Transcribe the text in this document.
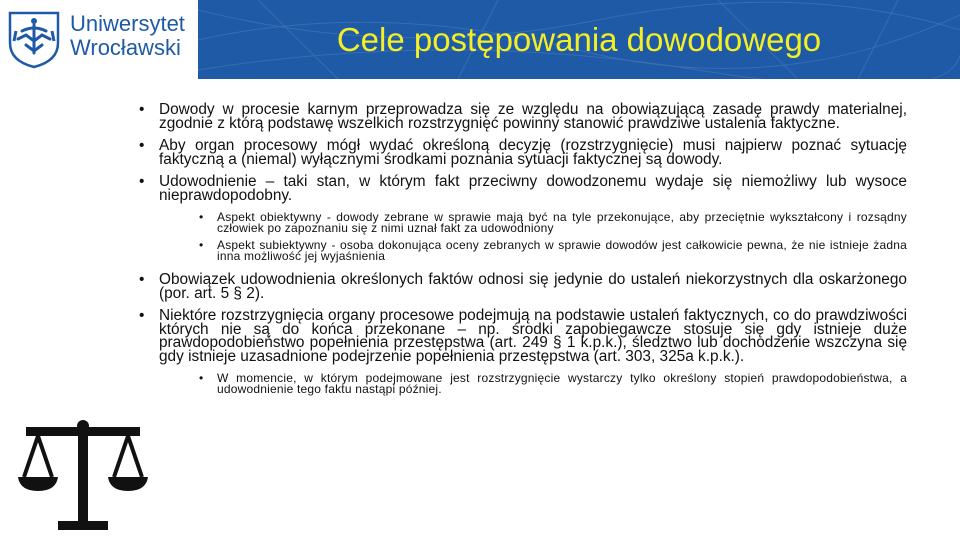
Uniwersytet
Wrocławski	Cele postępowania dowodowego
• Dowody w procesie karnym przeprowadza się ze względu na obowiązującą zasadę prawdy materialnej, zgodnie z którą podstawę wszelkich rozstrzygnięć powinny stanowić prawdziwe ustalenia faktyczne.
• Aby organ procesowy mógł wydać określoną decyzję (rozstrzygnięcie) musi najpierw poznać sytuację faktyczną a (niemal) wyłącznymi środkami poznania sytuacji faktycznej są dowody.
• Udowodnienie – taki stan, w którym fakt przeciwny dowodzonemu wydaje się niemożliwy lub wysoce nieprawdopodobny.
• Aspekt obiektywny - dowody zebrane w sprawie mają być na tyle przekonujące, aby przeciętnie wykształcony i rozsądny człowiek po zapoznaniu się z nimi uznał fakt za udowodniony
• Aspekt subiektywny - osoba dokonująca oceny zebranych w sprawie dowodów jest całkowicie pewna, że nie istnieje żadna inna możliwość jej wyjaśnienia
• Obowiązek udowodnienia określonych faktów odnosi się jedynie do ustaleń niekorzystnych dla oskarżonego (por. art. 5 § 2).
• Niektóre rozstrzygnięcia organy procesowe podejmują na podstawie ustaleń faktycznych, co do prawdziwości których nie są do końca przekonane – np. środki zapobiegawcze stosuje się gdy istnieje duże prawdopodobieństwo popełnienia przestępstwa (art. 249 § 1 k.p.k.), śledztwo lub dochodzenie wszczyna się gdy istnieje uzasadnione podejrzenie popełnienia przestępstwa (art. 303, 325a k.p.k.).
• W momencie, w którym podejmowane jest rozstrzygnięcie wystarczy tylko określony stopień prawdopodobieństwa, a udowodnienie tego faktu nastąpi później.
